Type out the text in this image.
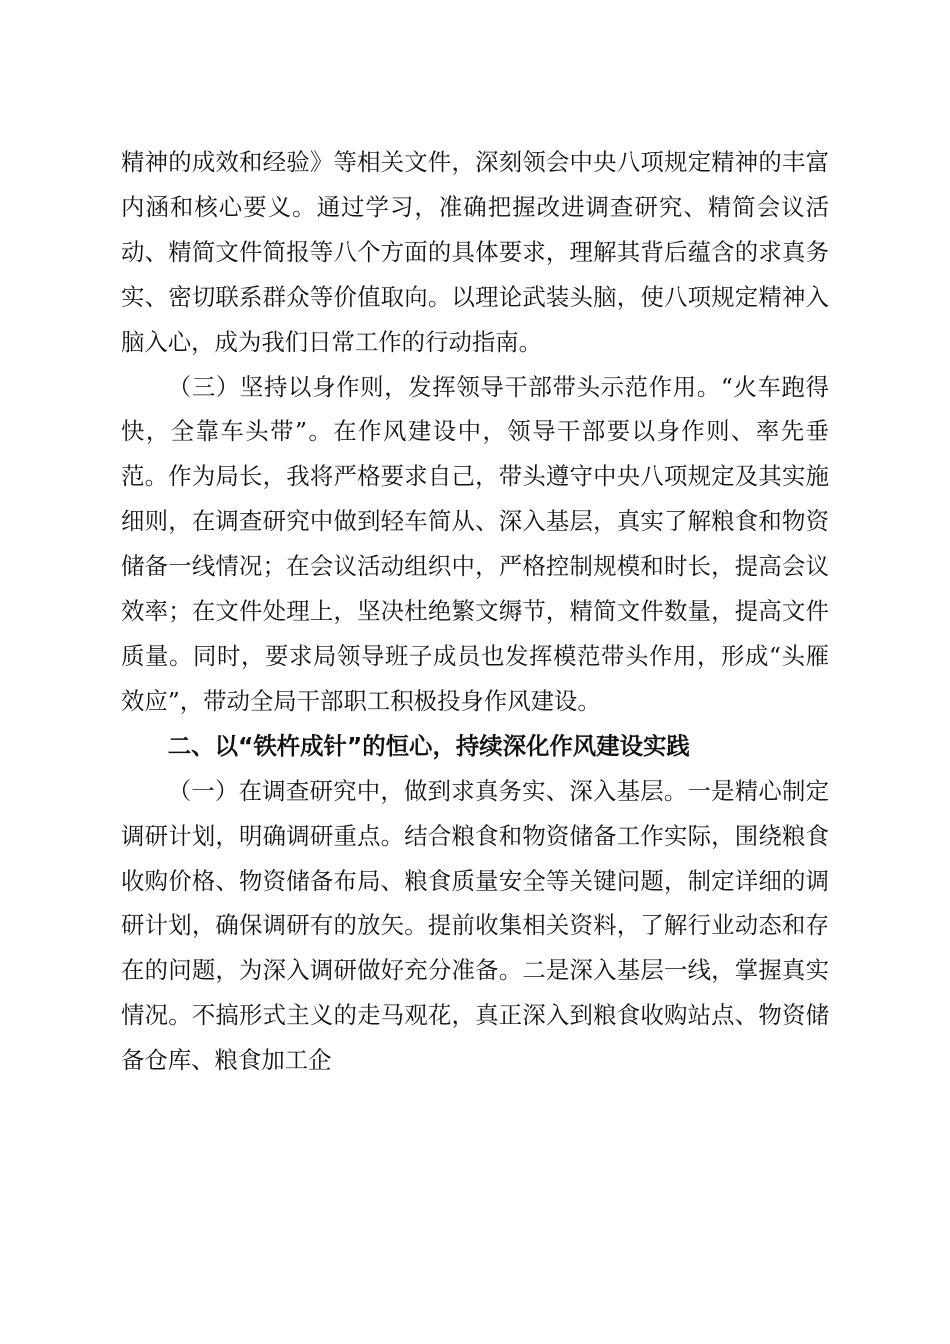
精神的成效和经验》等相关文件，深刻领会中央八项规定精神的丰富内涵和核心要义。通过学习，准确把握改进调查研究、精简会议活动、精简文件简报等八个方面的具体要求，理解其背后蕴含的求真务实、密切联系群众等价值取向。以理论武装头脑，使八项规定精神入脑入心，成为我们日常工作的行动指南。

（三）坚持以身作则，发挥领导干部带头示范作用。“火车跑得快，全靠车头带”。在作风建设中，领导干部要以身作则、率先垂范。作为局长，我将严格要求自己，带头遵守中央八项规定及其实施细则，在调查研究中做到轻车简从、深入基层，真实了解粮食和物资储备一线情况；在会议活动组织中，严格控制规模和时长，提高会议效率；在文件处理上，坚决杜绝繁文缛节，精简文件数量，提高文件质量。同时，要求局领导班子成员也发挥模范带头作用，形成“头雁效应”，带动全局干部职工积极投身作风建设。

二、以“铁杵成针”的恒心，持续深化作风建设实践

（一）在调查研究中，做到求真务实、深入基层。一是精心制定调研计划，明确调研重点。结合粮食和物资储备工作实际，围绕粮食收购价格、物资储备布局、粮食质量安全等关键问题，制定详细的调研计划，确保调研有的放矢。提前收集相关资料，了解行业动态和存在的问题，为深入调研做好充分准备。二是深入基层一线，掌握真实情况。不搞形式主义的走马观花，真正深入到粮食收购站点、物资储备仓库、粮食加工企
